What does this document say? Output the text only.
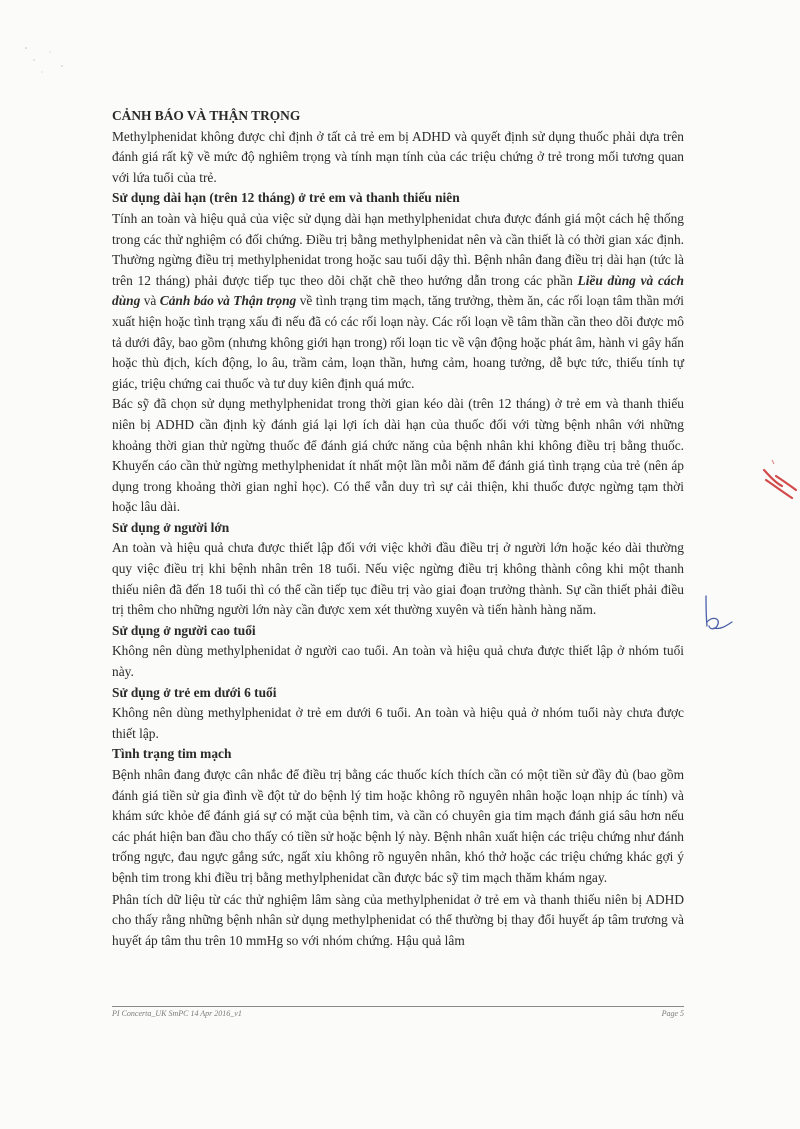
CẢNH BÁO VÀ THẬN TRỌNG

Methylphenidat không được chỉ định ở tất cả trẻ em bị ADHD và quyết định sử dụng thuốc phải dựa trên đánh giá rất kỹ về mức độ nghiêm trọng và tính mạn tính của các triệu chứng ở trẻ trong mối tương quan với lứa tuổi của trẻ.

Sử dụng dài hạn (trên 12 tháng) ở trẻ em và thanh thiếu niên

Tính an toàn và hiệu quả của việc sử dụng dài hạn methylphenidat chưa được đánh giá một cách hệ thống trong các thử nghiệm có đối chứng. Điều trị bằng methylphenidat nên và cần thiết là có thời gian xác định. Thường ngừng điều trị methylphenidat trong hoặc sau tuổi dậy thì. Bệnh nhân đang điều trị dài hạn (tức là trên 12 tháng) phải được tiếp tục theo dõi chặt chẽ theo hướng dẫn trong các phần Liều dùng và cách dùng và Cảnh báo và Thận trọng về tình trạng tim mạch, tăng trưởng, thèm ăn, các rối loạn tâm thần mới xuất hiện hoặc tình trạng xấu đi nếu đã có các rối loạn này. Các rối loạn về tâm thần cần theo dõi được mô tả dưới đây, bao gồm (nhưng không giới hạn trong) rối loạn tic về vận động hoặc phát âm, hành vi gây hấn hoặc thù địch, kích động, lo âu, trầm cảm, loạn thần, hưng cảm, hoang tưởng, dễ bực tức, thiếu tính tự giác, triệu chứng cai thuốc và tư duy kiên định quá mức.

Bác sỹ đã chọn sử dụng methylphenidat trong thời gian kéo dài (trên 12 tháng) ở trẻ em và thanh thiếu niên bị ADHD cần định kỳ đánh giá lại lợi ích dài hạn của thuốc đối với từng bệnh nhân với những khoảng thời gian thử ngừng thuốc để đánh giá chức năng của bệnh nhân khi không điều trị bằng thuốc. Khuyến cáo cần thử ngừng methylphenidat ít nhất một lần mỗi năm để đánh giá tình trạng của trẻ (nên áp dụng trong khoảng thời gian nghỉ học). Có thể vẫn duy trì sự cải thiện, khi thuốc được ngừng tạm thời hoặc lâu dài.

Sử dụng ở người lớn

An toàn và hiệu quả chưa được thiết lập đối với việc khởi đầu điều trị ở người lớn hoặc kéo dài thường quy việc điều trị khi bệnh nhân trên 18 tuổi. Nếu việc ngừng điều trị không thành công khi một thanh thiếu niên đã đến 18 tuổi thì có thể cần tiếp tục điều trị vào giai đoạn trưởng thành. Sự cần thiết phải điều trị thêm cho những người lớn này cần được xem xét thường xuyên và tiến hành hàng năm.

Sử dụng ở người cao tuổi

Không nên dùng methylphenidat ở người cao tuổi. An toàn và hiệu quả chưa được thiết lập ở nhóm tuổi này.

Sử dụng ở trẻ em dưới 6 tuổi

Không nên dùng methylphenidat ở trẻ em dưới 6 tuổi. An toàn và hiệu quả ở nhóm tuổi này chưa được thiết lập.

Tình trạng tim mạch

Bệnh nhân đang được cân nhắc để điều trị bằng các thuốc kích thích cần có một tiền sử đầy đủ (bao gồm đánh giá tiền sử gia đình về đột tử do bệnh lý tim hoặc không rõ nguyên nhân hoặc loạn nhịp ác tính) và khám sức khỏe để đánh giá sự có mặt của bệnh tim, và cần có chuyên gia tim mạch đánh giá sâu hơn nếu các phát hiện ban đầu cho thấy có tiền sử hoặc bệnh lý này. Bệnh nhân xuất hiện các triệu chứng như đánh trống ngực, đau ngực gắng sức, ngất xỉu không rõ nguyên nhân, khó thở hoặc các triệu chứng khác gợi ý bệnh tim trong khi điều trị bằng methylphenidat cần được bác sỹ tim mạch thăm khám ngay.

Phân tích dữ liệu từ các thử nghiệm lâm sàng của methylphenidat ở trẻ em và thanh thiếu niên bị ADHD cho thấy rằng những bệnh nhân sử dụng methylphenidat có thể thường bị thay đổi huyết áp tâm trương và huyết áp tâm thu trên 10 mmHg so với nhóm chứng. Hậu quả lâm

PI Concerta_UK SmPC 14 Apr 2016_v1	Page 5
